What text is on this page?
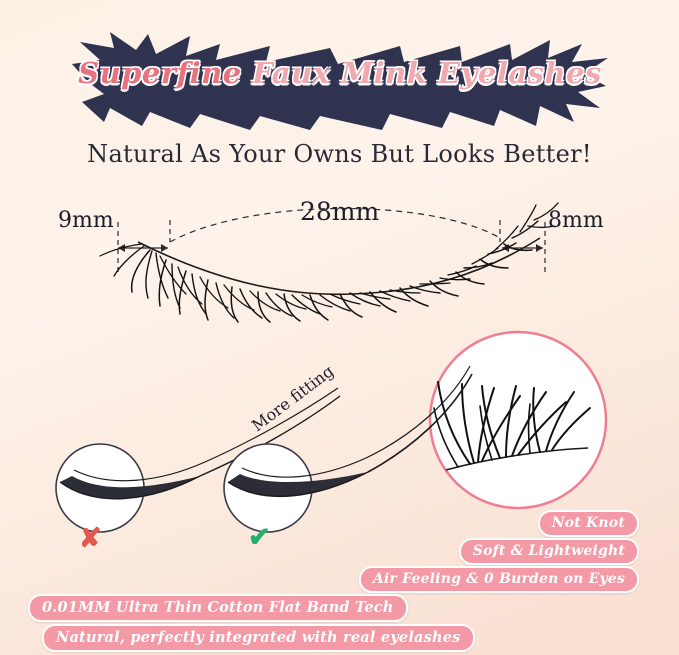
Superfine Faux Mink Eyelashes
Natural As Your Owns But Looks Better!
9mm	28mm	8mm
More fitting
✘	✔	Not Knot
Soft & Lightweight
Air Feeling & 0 Burden on Eyes
0.01MM Ultra Thin Cotton Flat Band Tech
Natural, perfectly integrated with real eyelashes
